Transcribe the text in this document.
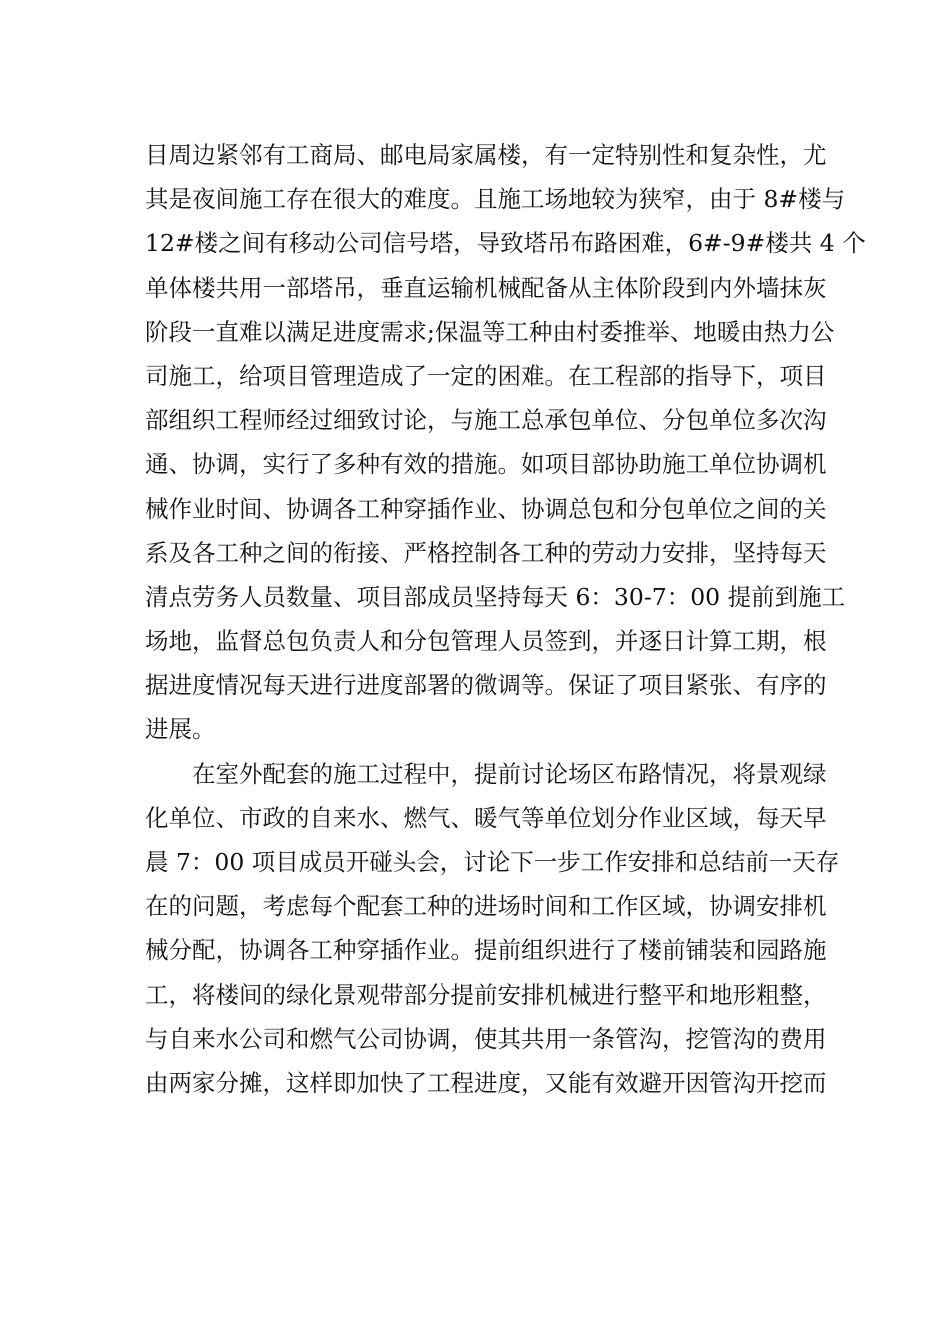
目周边紧邻有工商局、邮电局家属楼，有一定特别性和复杂性，尤
其是夜间施工存在很大的难度。且施工场地较为狭窄，由于 8#楼与
12#楼之间有移动公司信号塔，导致塔吊布路困难，6#-9#楼共 4 个
单体楼共用一部塔吊，垂直运输机械配备从主体阶段到内外墙抹灰
阶段一直难以满足进度需求;保温等工种由村委推举、地暖由热力公
司施工，给项目管理造成了一定的困难。在工程部的指导下，项目
部组织工程师经过细致讨论，与施工总承包单位、分包单位多次沟
通、协调，实行了多种有效的措施。如项目部协助施工单位协调机
械作业时间、协调各工种穿插作业、协调总包和分包单位之间的关
系及各工种之间的衔接、严格控制各工种的劳动力安排，坚持每天
清点劳务人员数量、项目部成员坚持每天 6：30-7：00 提前到施工
场地，监督总包负责人和分包管理人员签到，并逐日计算工期，根
据进度情况每天进行进度部署的微调等。保证了项目紧张、有序的
进展。
在室外配套的施工过程中，提前讨论场区布路情况，将景观绿
化单位、市政的自来水、燃气、暖气等单位划分作业区域，每天早
晨 7：00 项目成员开碰头会，讨论下一步工作安排和总结前一天存
在的问题，考虑每个配套工种的进场时间和工作区域，协调安排机
械分配，协调各工种穿插作业。提前组织进行了楼前铺装和园路施
工，将楼间的绿化景观带部分提前安排机械进行整平和地形粗整，
与自来水公司和燃气公司协调，使其共用一条管沟，挖管沟的费用
由两家分摊，这样即加快了工程进度，又能有效避开因管沟开挖而
